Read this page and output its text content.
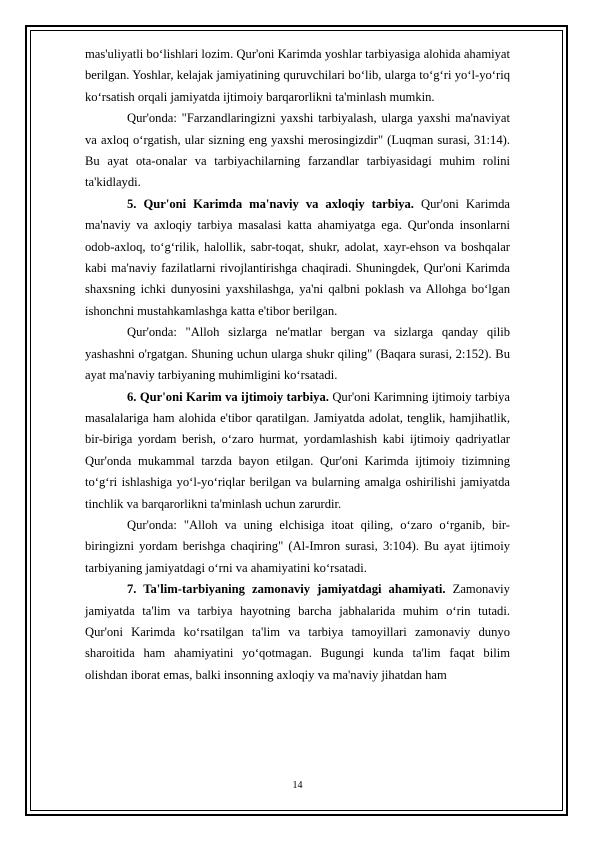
mas'uliyatli bo‘lishlari lozim. Qur'oni Karimda yoshlar tarbiyasiga alohida ahamiyat berilgan. Yoshlar, kelajak jamiyatining quruvchilari bo‘lib, ularga to‘g‘ri yo‘l-yo‘riq ko‘rsatish orqali jamiyatda ijtimoiy barqarorlikni ta'minlash mumkin.

Qur'onda: "Farzandlaringizni yaxshi tarbiyalash, ularga yaxshi ma'naviyat va axloq o‘rgatish, ular sizning eng yaxshi merosingizdir" (Luqman surasi, 31:14). Bu ayat ota-onalar va tarbiyachilarning farzandlar tarbiyasidagi muhim rolini ta'kidlaydi.

5. Qur'oni Karimda ma'naviy va axloqiy tarbiya. Qur'oni Karimda ma'naviy va axloqiy tarbiya masalasi katta ahamiyatga ega. Qur'onda insonlarni odob-axloq, to‘g‘rilik, halollik, sabr-toqat, shukr, adolat, xayr-ehson va boshqalar kabi ma'naviy fazilatlarni rivojlantirishga chaqiradi. Shuningdek, Qur'oni Karimda shaxsning ichki dunyosini yaxshilashga, ya'ni qalbni poklash va Allohga bo‘lgan ishonchni mustahkamlashga katta e'tibor berilgan.

Qur'onda: "Alloh sizlarga ne'matlar bergan va sizlarga qanday qilib yashashni o'rgatgan. Shuning uchun ularga shukr qiling" (Baqara surasi, 2:152). Bu ayat ma'naviy tarbiyaning muhimligini ko‘rsatadi.

6. Qur'oni Karim va ijtimoiy tarbiya. Qur'oni Karimning ijtimoiy tarbiya masalalariga ham alohida e'tibor qaratilgan. Jamiyatda adolat, tenglik, hamjihatlik, bir-biriga yordam berish, o‘zaro hurmat, yordamlashish kabi ijtimoiy qadriyatlar Qur'onda mukammal tarzda bayon etilgan. Qur'oni Karimda ijtimoiy tizimning to‘g‘ri ishlashiga yo‘l-yo‘riqlar berilgan va bularning amalga oshirilishi jamiyatda tinchlik va barqarorlikni ta'minlash uchun zarurdir.

Qur'onda: "Alloh va uning elchisiga itoat qiling, o‘zaro o‘rganib, bir-biringizni yordam berishga chaqiring" (Al-Imron surasi, 3:104). Bu ayat ijtimoiy tarbiyaning jamiyatdagi o‘rni va ahamiyatini ko‘rsatadi.

7. Ta'lim-tarbiyaning zamonaviy jamiyatdagi ahamiyati. Zamonaviy jamiyatda ta'lim va tarbiya hayotning barcha jabhalarida muhim o‘rin tutadi. Qur'oni Karimda ko‘rsatilgan ta'lim va tarbiya tamoyillari zamonaviy dunyo sharoitida ham ahamiyatini yo‘qotmagan. Bugungi kunda ta'lim faqat bilim olishdan iborat emas, balki insonning axloqiy va ma'naviy jihatdan ham

14
